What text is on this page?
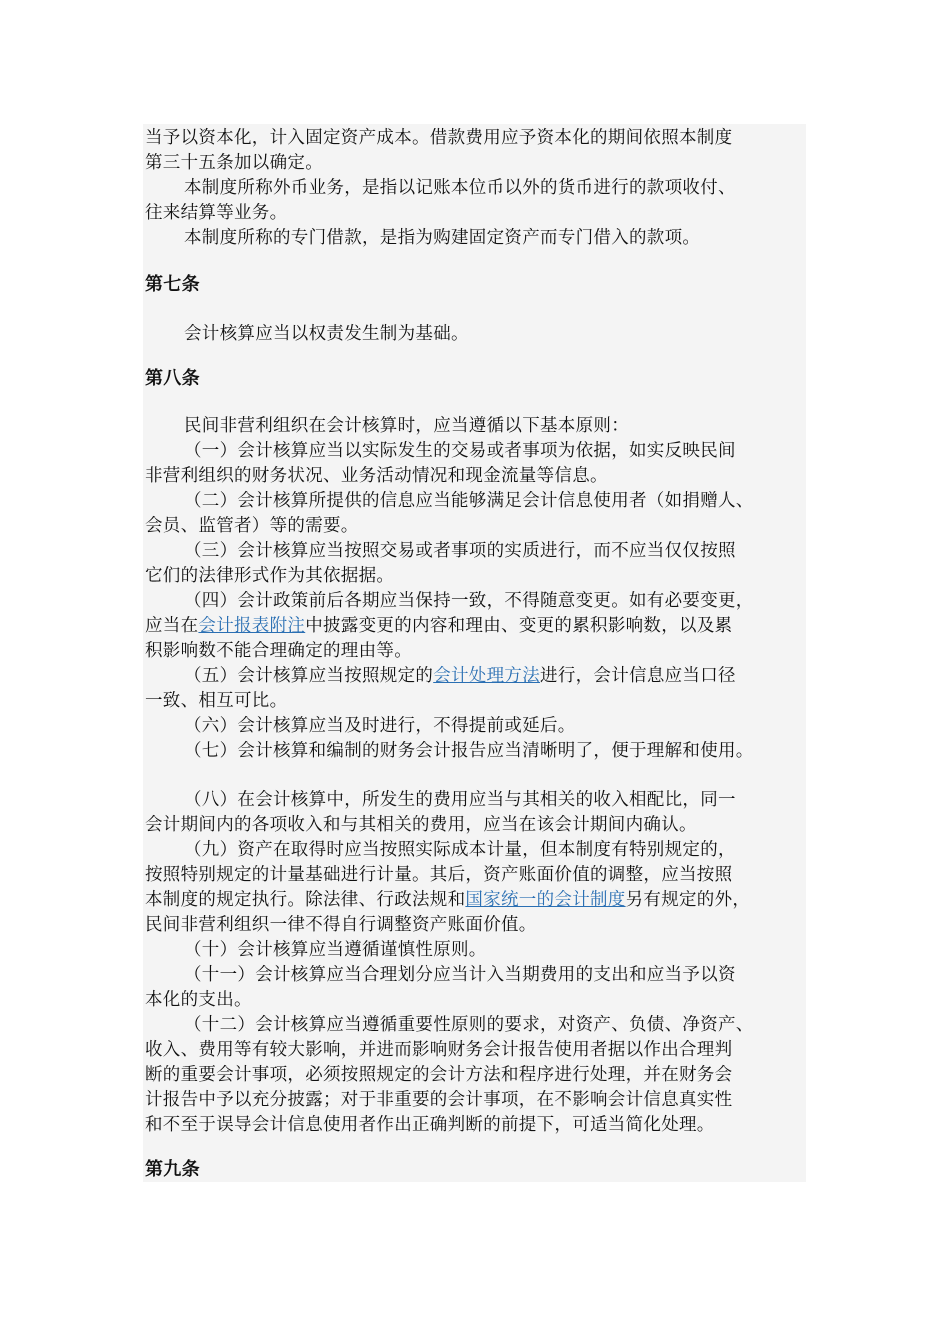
当予以资本化，计入固定资产成本。借款费用应予资本化的期间依照本制度
第三十五条加以确定。
本制度所称外币业务，是指以记账本位币以外的货币进行的款项收付、
往来结算等业务。
本制度所称的专门借款，是指为购建固定资产而专门借入的款项。
第七条
会计核算应当以权责发生制为基础。
第八条
民间非营利组织在会计核算时，应当遵循以下基本原则：
（一）会计核算应当以实际发生的交易或者事项为依据，如实反映民间
非营利组织的财务状况、业务活动情况和现金流量等信息。
（二）会计核算所提供的信息应当能够满足会计信息使用者（如捐赠人、
会员、监管者）等的需要。
（三）会计核算应当按照交易或者事项的实质进行，而不应当仅仅按照
它们的法律形式作为其依据据。
（四）会计政策前后各期应当保持一致，不得随意变更。如有必要变更，
应当在会计报表附注中披露变更的内容和理由、变更的累积影响数，以及累
积影响数不能合理确定的理由等。
（五）会计核算应当按照规定的会计处理方法进行，会计信息应当口径
一致、相互可比。
（六）会计核算应当及时进行，不得提前或延后。
（七）会计核算和编制的财务会计报告应当清晰明了，便于理解和使用。
（八）在会计核算中，所发生的费用应当与其相关的收入相配比，同一
会计期间内的各项收入和与其相关的费用，应当在该会计期间内确认。
（九）资产在取得时应当按照实际成本计量，但本制度有特别规定的，
按照特别规定的计量基础进行计量。其后，资产账面价值的调整，应当按照
本制度的规定执行。除法律、行政法规和国家统一的会计制度另有规定的外，
民间非营利组织一律不得自行调整资产账面价值。
（十）会计核算应当遵循谨慎性原则。
（十一）会计核算应当合理划分应当计入当期费用的支出和应当予以资
本化的支出。
（十二）会计核算应当遵循重要性原则的要求，对资产、负债、净资产、
收入、费用等有较大影响，并进而影响财务会计报告使用者据以作出合理判
断的重要会计事项，必须按照规定的会计方法和程序进行处理，并在财务会
计报告中予以充分披露；对于非重要的会计事项，在不影响会计信息真实性
和不至于误导会计信息使用者作出正确判断的前提下，可适当简化处理。
第九条
